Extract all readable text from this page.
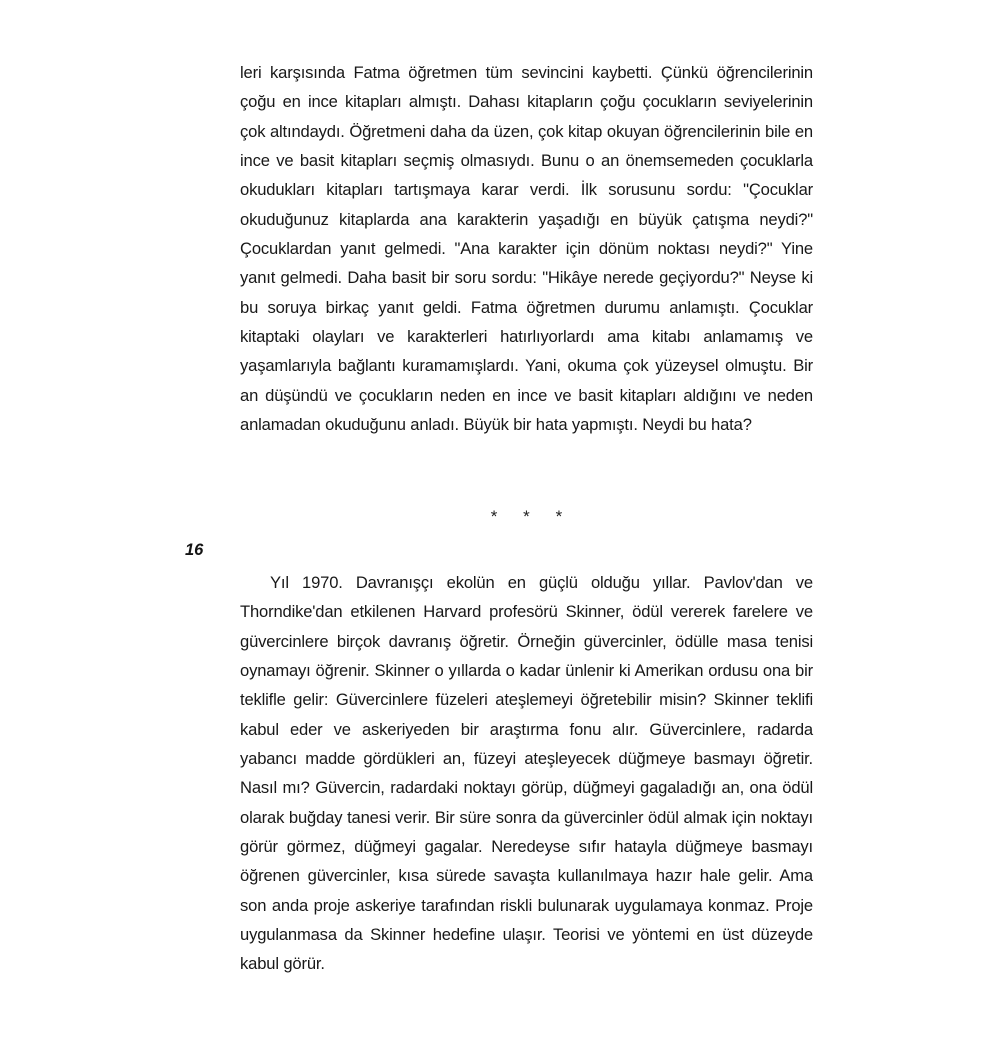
leri karşısında Fatma öğretmen tüm sevincini kaybetti. Çünkü öğrencilerinin çoğu en ince kitapları almıştı. Dahası kitapların çoğu çocukların seviyelerinin çok altındaydı. Öğretmeni daha da üzen, çok kitap okuyan öğrencilerinin bile en ince ve basit kitapları seçmiş olmasıydı. Bunu o an önemsemeden çocuklarla okudukları kitapları tartışmaya karar verdi. İlk sorusunu sordu: "Çocuklar okuduğunuz kitaplarda ana karakterin yaşadığı en büyük çatışma neydi?" Çocuklardan yanıt gelmedi. "Ana karakter için dönüm noktası neydi?" Yine yanıt gelmedi. Daha basit bir soru sordu: "Hikâye nerede geçiyordu?" Neyse ki bu soruya birkaç yanıt geldi. Fatma öğretmen durumu anlamıştı. Çocuklar kitaptaki olayları ve karakterleri hatırlıyorlardı ama kitabı anlamamış ve yaşamlarıyla bağlantı kuramamışlardı. Yani, okuma çok yüzeysel olmuştu. Bir an düşündü ve çocukların neden en ince ve basit kitapları aldığını ve neden anlamadan okuduğunu anladı. Büyük bir hata yapmıştı. Neydi bu hata?

* * *
16

Yıl 1970. Davranışçı ekolün en güçlü olduğu yıllar. Pavlov'dan ve Thorndike'dan etkilenen Harvard profesörü Skinner, ödül vererek farelere ve güvercinlere birçok davranış öğretir. Örneğin güvercinler, ödülle masa tenisi oynamayı öğrenir. Skinner o yıllarda o kadar ünlenir ki Amerikan ordusu ona bir teklifle gelir: Güvercinlere füzeleri ateşlemeyi öğretebilir misin? Skinner teklifi kabul eder ve askeriyeden bir araştırma fonu alır. Güvercinlere, radarda yabancı madde gördükleri an, füzeyi ateşleyecek düğmeye basmayı öğretir. Nasıl mı? Güvercin, radardaki noktayı görüp, düğmeyi gagaladığı an, ona ödül olarak buğday tanesi verir. Bir süre sonra da güvercinler ödül almak için noktayı görür görmez, düğmeyi gagalar. Neredeyse sıfır hatayla düğmeye basmayı öğrenen güvercinler, kısa sürede savaşta kullanılmaya hazır hale gelir. Ama son anda proje askeriye tarafından riskli bulunarak uygulamaya konmaz. Proje uygulanmasa da Skinner hedefine ulaşır. Teorisi ve yöntemi en üst düzeyde kabul görür.
